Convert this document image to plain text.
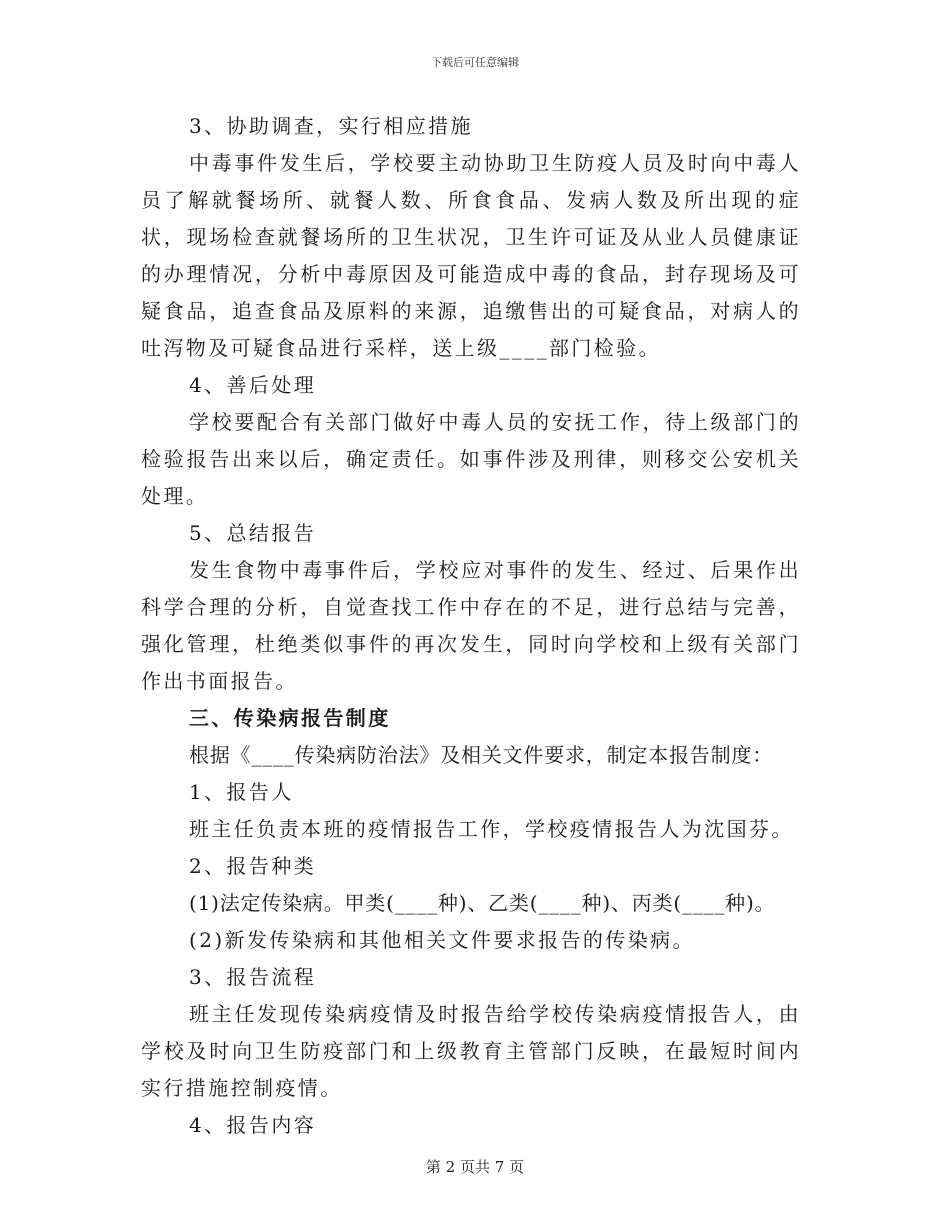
下载后可任意编辑
3、协助调查，实行相应措施
中毒事件发生后，学校要主动协助卫生防疫人员及时向中毒人员了解就餐场所、就餐人数、所食食品、发病人数及所出现的症状，现场检查就餐场所的卫生状况，卫生许可证及从业人员健康证的办理情况，分析中毒原因及可能造成中毒的食品，封存现场及可疑食品，追查食品及原料的来源，追缴售出的可疑食品，对病人的吐泻物及可疑食品进行采样，送上级____部门检验。
4、善后处理
学校要配合有关部门做好中毒人员的安抚工作，待上级部门的检验报告出来以后，确定责任。如事件涉及刑律，则移交公安机关处理。
5、总结报告
发生食物中毒事件后，学校应对事件的发生、经过、后果作出科学合理的分析，自觉查找工作中存在的不足，进行总结与完善，强化管理，杜绝类似事件的再次发生，同时向学校和上级有关部门作出书面报告。
三、传染病报告制度
根据《____传染病防治法》及相关文件要求，制定本报告制度：
1、报告人
班主任负责本班的疫情报告工作，学校疫情报告人为沈国芬。
2、报告种类
(1)法定传染病。甲类(____种)、乙类(____种)、丙类(____种)。
(2)新发传染病和其他相关文件要求报告的传染病。
3、报告流程
班主任发现传染病疫情及时报告给学校传染病疫情报告人，由学校及时向卫生防疫部门和上级教育主管部门反映，在最短时间内实行措施控制疫情。
4、报告内容
第 2 页共 7 页
